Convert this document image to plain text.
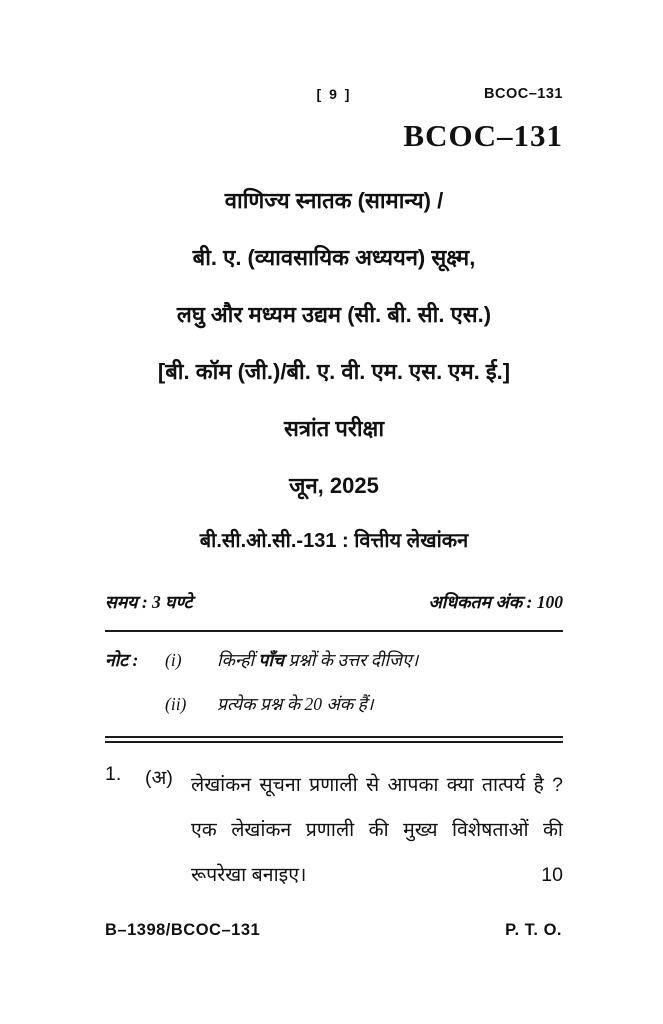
[ 9 ]	BCOC–131
BCOC–131
वाणिज्य स्नातक (सामान्य) /
बी. ए. (व्यावसायिक अध्ययन) सूक्ष्म,
लघु और मध्यम उद्यम (सी. बी. सी. एस.)
[बी. कॉम (जी.)/बी. ए. वी. एम. एस. एम. ई.]
सत्रांत परीक्षा
जून, 2025
बी.सी.ओ.सी.-131 : वित्तीय लेखांकन
समय : 3 घण्टे	अधिकतम अंक : 100
नोट :	(i)	किन्हीं पाँच प्रश्नों के उत्तर दीजिए।
(ii)	प्रत्येक प्रश्न के 20 अंक हैं।
1.	(अ) लेखांकन सूचना प्रणाली से आपका क्या तात्पर्य है ?
एक लेखांकन प्रणाली की मुख्य विशेषताओं की
रूपरेखा बनाइए।	10
B–1398/BCOC–131	P. T. O.
